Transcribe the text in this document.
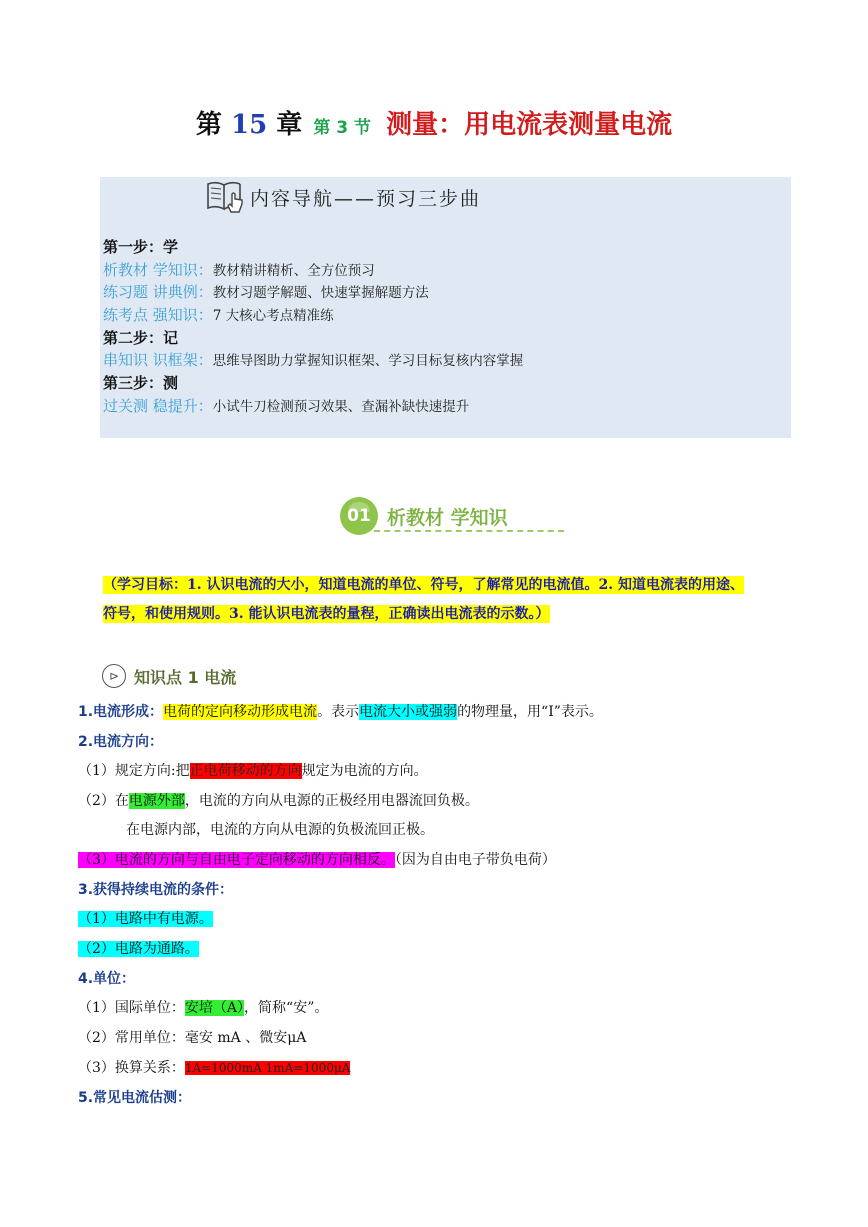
第 15 章 第 3 节 测量：用电流表测量电流
内容导航——预习三步曲
第一步：学
析教材 学知识：教材精讲精析、全方位预习
练习题 讲典例：教材习题学解题、快速掌握解题方法
练考点 强知识：7 大核心考点精准练
第二步：记
串知识 识框架：思维导图助力掌握知识框架、学习目标复核内容掌握
第三步：测
过关测 稳提升：小试牛刀检测预习效果、查漏补缺快速提升
01 析教材 学知识
（学习目标：1. 认识电流的大小，知道电流的单位、符号，了解常见的电流值。2. 知道电流表的用途、
符号，和使用规则。3. 能认识电流表的量程，正确读出电流表的示数。）
⊳ 知识点 1 电流
1.电流形成：电荷的定向移动形成电流。表示电流大小或强弱的物理量，用“I”表示。
2.电流方向：
（1）规定方向:把正电荷移动的方向规定为电流的方向。
（2）在电源外部，电流的方向从电源的正极经用电器流回负极。
在电源内部，电流的方向从电源的负极流回正极。
（3）电流的方向与自由电子定向移动的方向相反。（因为自由电子带负电荷）
3.获得持续电流的条件：
（1）电路中有电源。
（2）电路为通路。
4.单位：
（1）国际单位：安培（A），简称“安”。
（2）常用单位：毫安 mA 、微安μA
（3）换算关系：1A=1000mA 1mA=1000μA
5.常见电流估测：
